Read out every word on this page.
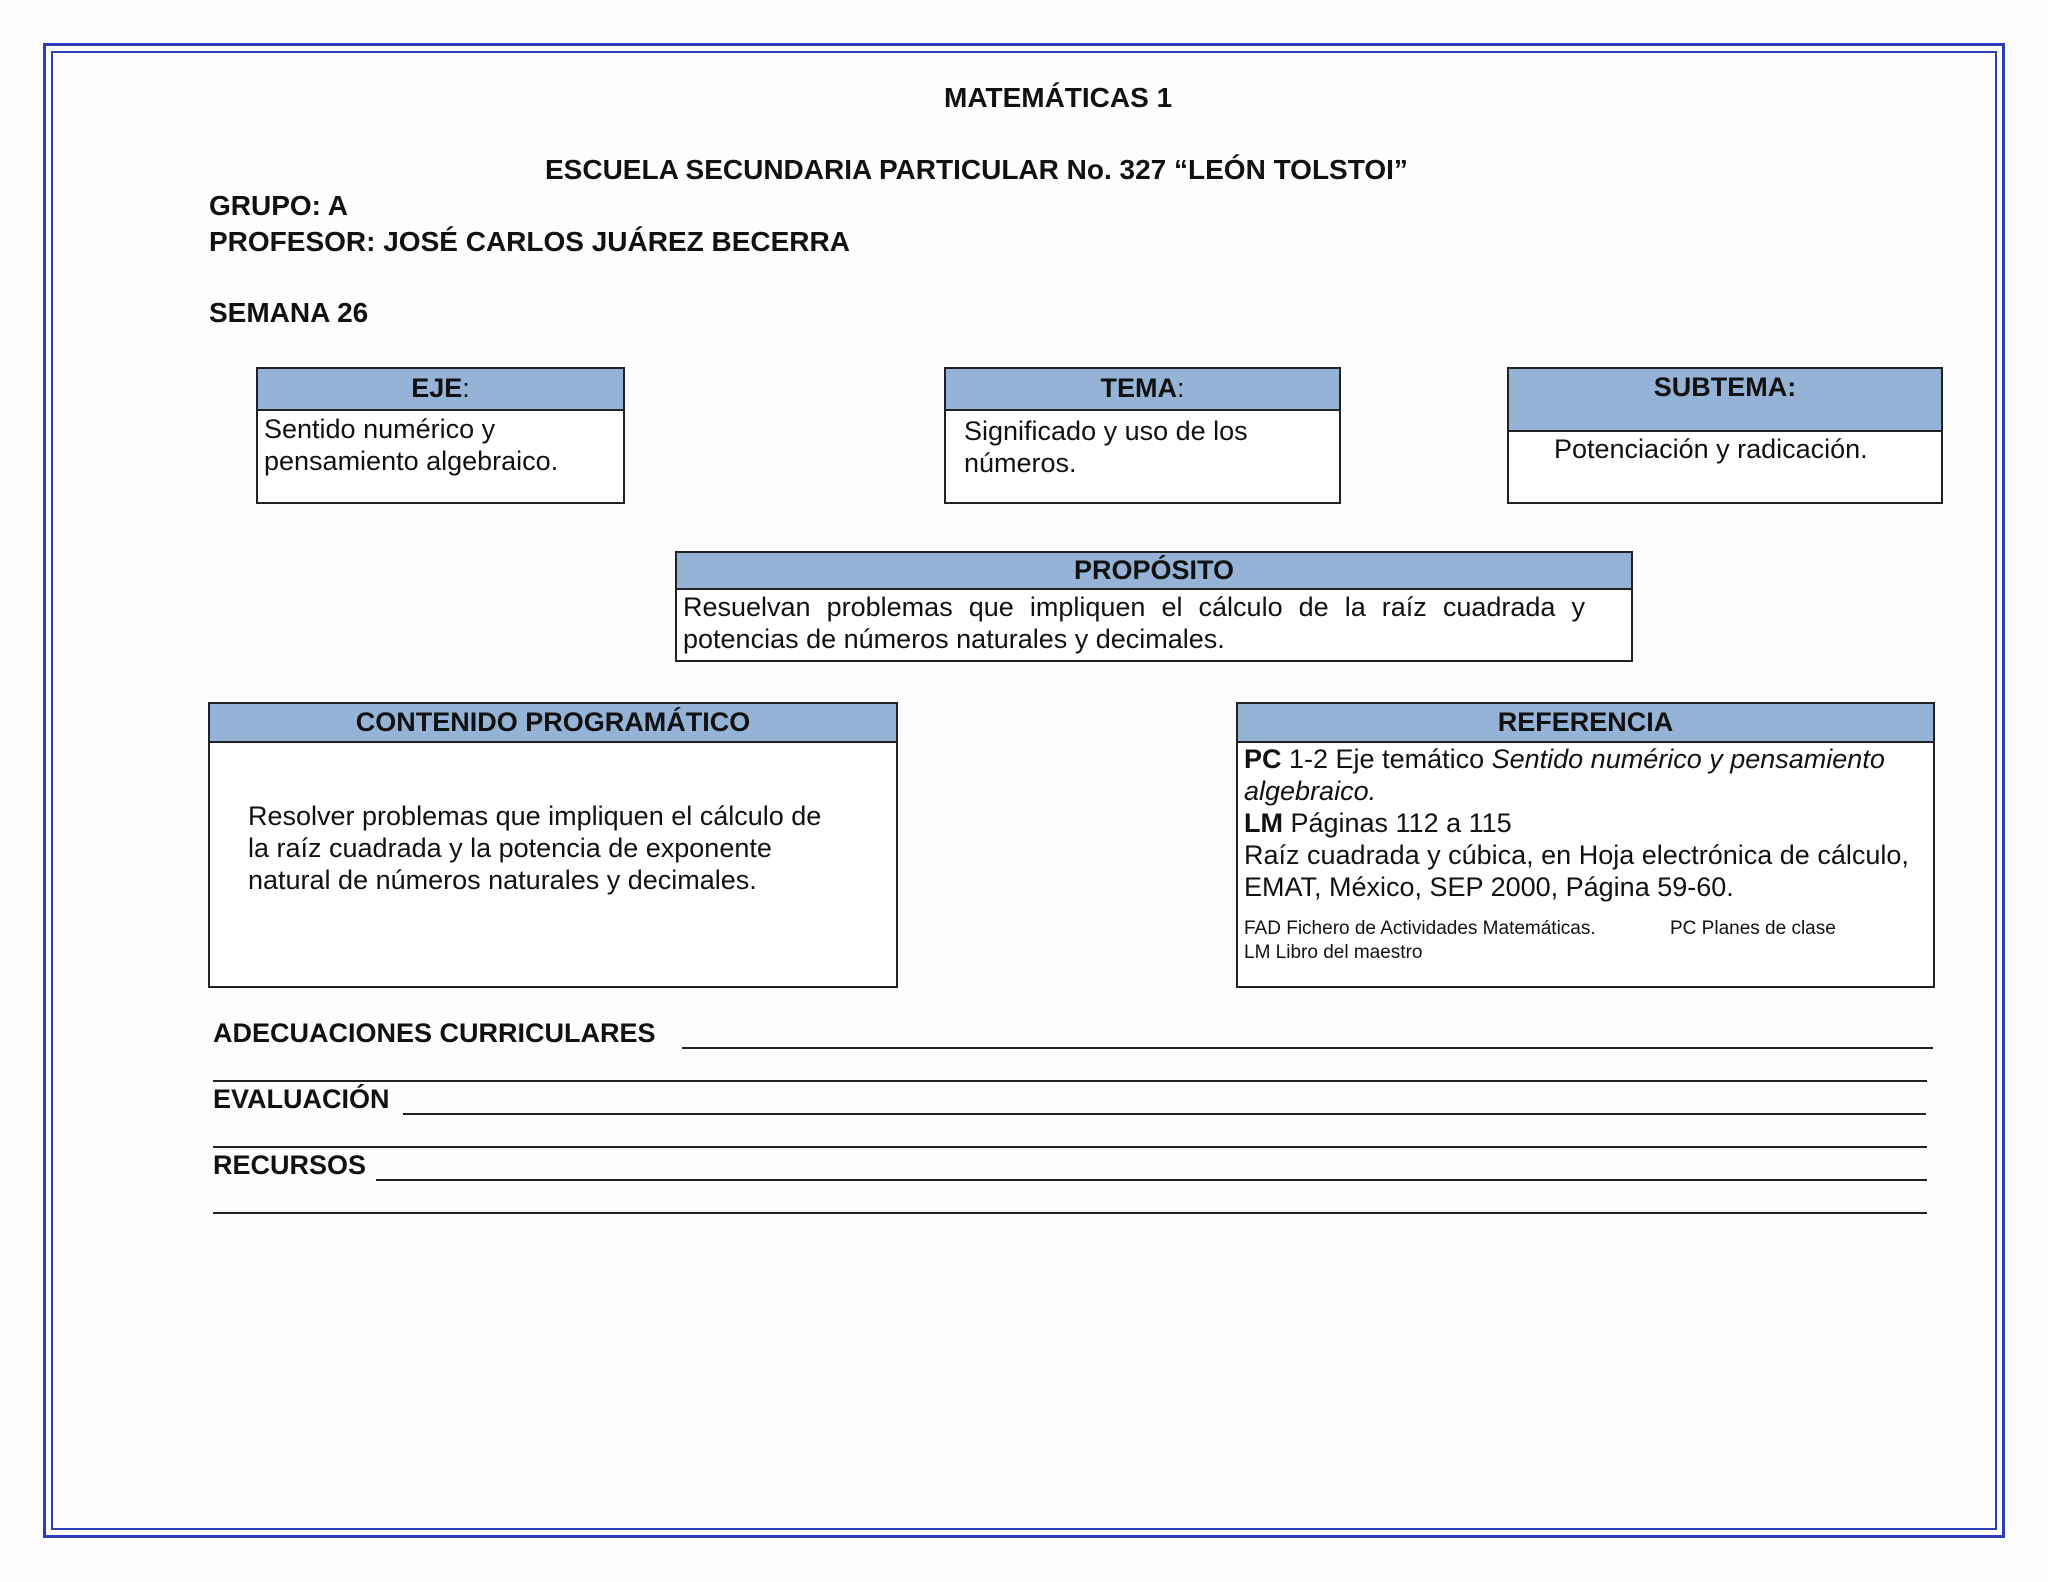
MATEMÁTICAS 1
ESCUELA SECUNDARIA PARTICULAR No. 327 “LEÓN TOLSTOI”
GRUPO: A
PROFESOR: JOSÉ CARLOS JUÁREZ BECERRA
SEMANA 26
EJE:
Sentido numérico y pensamiento algebraico.
TEMA:
Significado y uso de los números.
SUBTEMA:
Potenciación y radicación.
PROPÓSITO
Resuelvan problemas que impliquen el cálculo de la raíz cuadrada y potencias de números naturales y decimales.
CONTENIDO PROGRAMÁTICO
Resolver problemas que impliquen el cálculo de la raíz cuadrada y la potencia de exponente natural de números naturales y decimales.
REFERENCIA
PC 1-2 Eje temático Sentido numérico y pensamiento algebraico.
LM Páginas 112 a 115
Raíz cuadrada y cúbica, en Hoja electrónica de cálculo, EMAT, México, SEP 2000, Página 59-60.
FAD Fichero de Actividades Matemáticas.	PC Planes de clase
LM Libro del maestro
ADECUACIONES CURRICULARES
EVALUACIÓN
RECURSOS
